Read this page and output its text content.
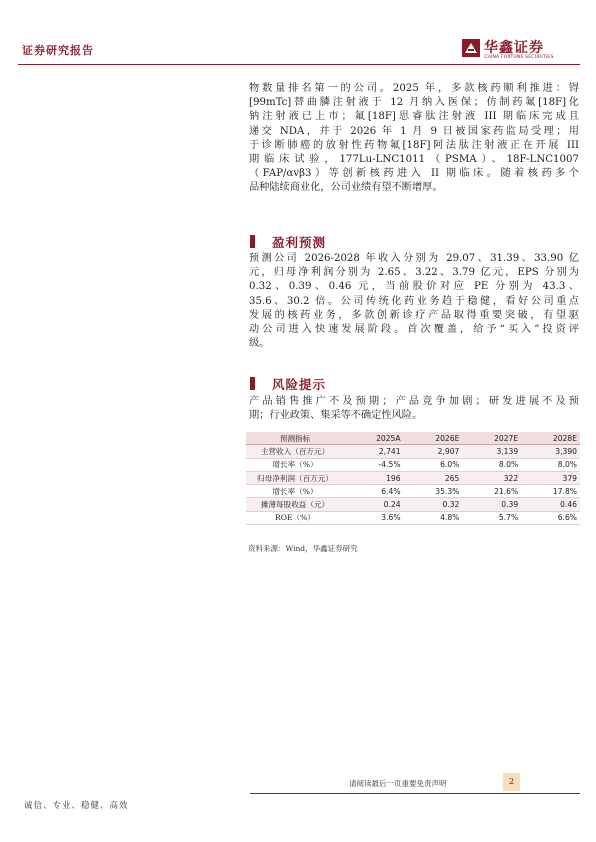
证券研究报告	华鑫证券
CHINA FORTUNE SECURITIES
物数量排名第一的公司。2025 年，多款核药顺利推进：锝
[99mTc]替曲膦注射液于 12 月纳入医保；仿制药氟[18F]化
钠注射液已上市；氟[18F]思睿肽注射液 III 期临床完成且
递交 NDA，并于 2026 年 1 月 9 日被国家药监局受理；用
于诊断肺癌的放射性药物氟[18F]阿法肽注射液正在开展 III
期临床试验，177Lu-LNC1011（PSMA）、18F-LNC1007
（FAP/αvβ3）等创新核药进入 II 期临床。随着核药多个
品种陆续商业化，公司业绩有望不断增厚。
盈利预测
预测公司 2026-2028 年收入分别为 29.07、31.39、33.90 亿
元，归母净利润分别为 2.65、3.22、3.79 亿元，EPS 分别为
0.32、0.39、0.46 元，当前股价对应 PE 分别为 43.3、
35.6、30.2 倍。公司传统化药业务趋于稳健，看好公司重点
发展的核药业务，多款创新诊疗产品取得重要突破，有望驱
动公司进入快速发展阶段。首次覆盖，给予“买入”投资评
级。
风险提示
产品销售推广不及预期；产品竞争加剧；研发进展不及预
期；行业政策、集采等不确定性风险。
预测指标	2025A	2026E	2027E	2028E
主营收入（百万元）	2,741	2,907	3,139	3,390
增长率（%）	-4.5%	6.0%	8.0%	8.0%
归母净利润（百万元）	196	265	322	379
增长率（%）	6.4%	35.3%	21.6%	17.8%
摊薄每股收益（元）	0.24	0.32	0.39	0.46
ROE（%）	3.6%	4.8%	5.7%	6.6%
资料来源：Wind，华鑫证券研究
请阅读最后一页重要免责声明	2
诚信、专业、稳健、高效
